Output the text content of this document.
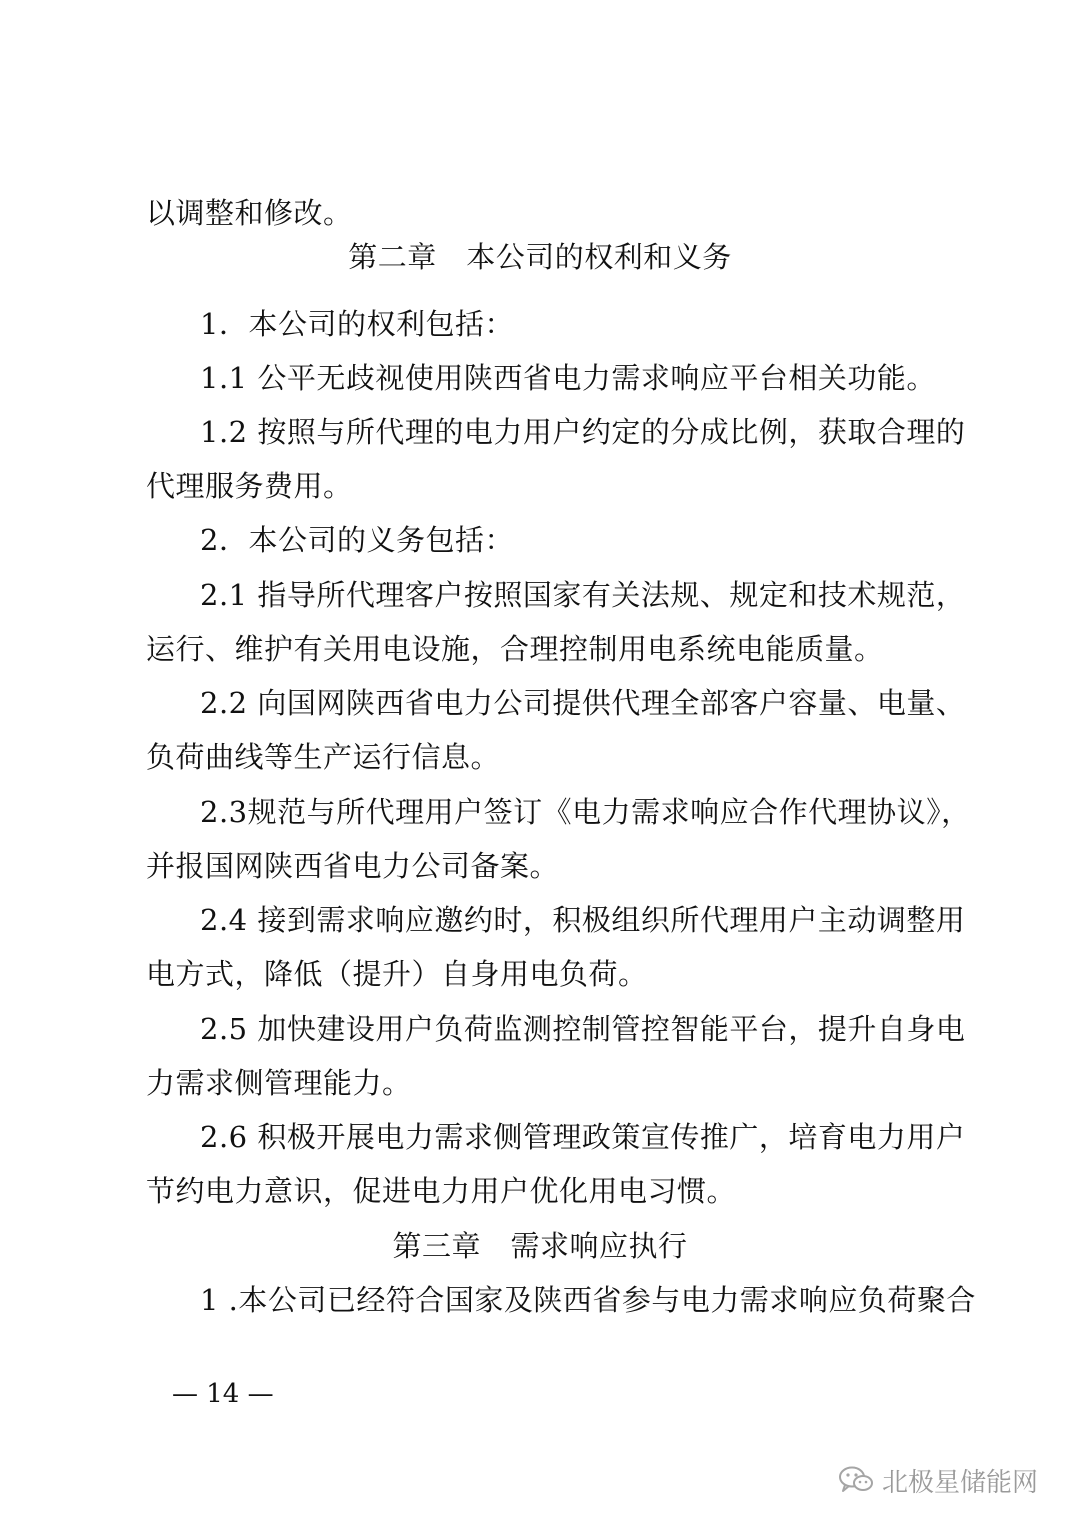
以调整和修改。
第二章　本公司的权利和义务
1．本公司的权利包括：
1.1 公平无歧视使用陕西省电力需求响应平台相关功能。
1.2 按照与所代理的电力用户约定的分成比例，获取合理的
代理服务费用。
2．本公司的义务包括：
2.1 指导所代理客户按照国家有关法规、规定和技术规范，
运行、维护有关用电设施，合理控制用电系统电能质量。
2.2 向国网陕西省电力公司提供代理全部客户容量、电量、
负荷曲线等生产运行信息。
2.3规范与所代理用户签订《电力需求响应合作代理协议》，
并报国网陕西省电力公司备案。
2.4 接到需求响应邀约时，积极组织所代理用户主动调整用
电方式，降低（提升）自身用电负荷。
2.5 加快建设用户负荷监测控制管控智能平台，提升自身电
力需求侧管理能力。
2.6 积极开展电力需求侧管理政策宣传推广，培育电力用户
节约电力意识，促进电力用户优化用电习惯。
第三章　需求响应执行
1 .本公司已经符合国家及陕西省参与电力需求响应负荷聚合
— 14 —
北极星储能网
